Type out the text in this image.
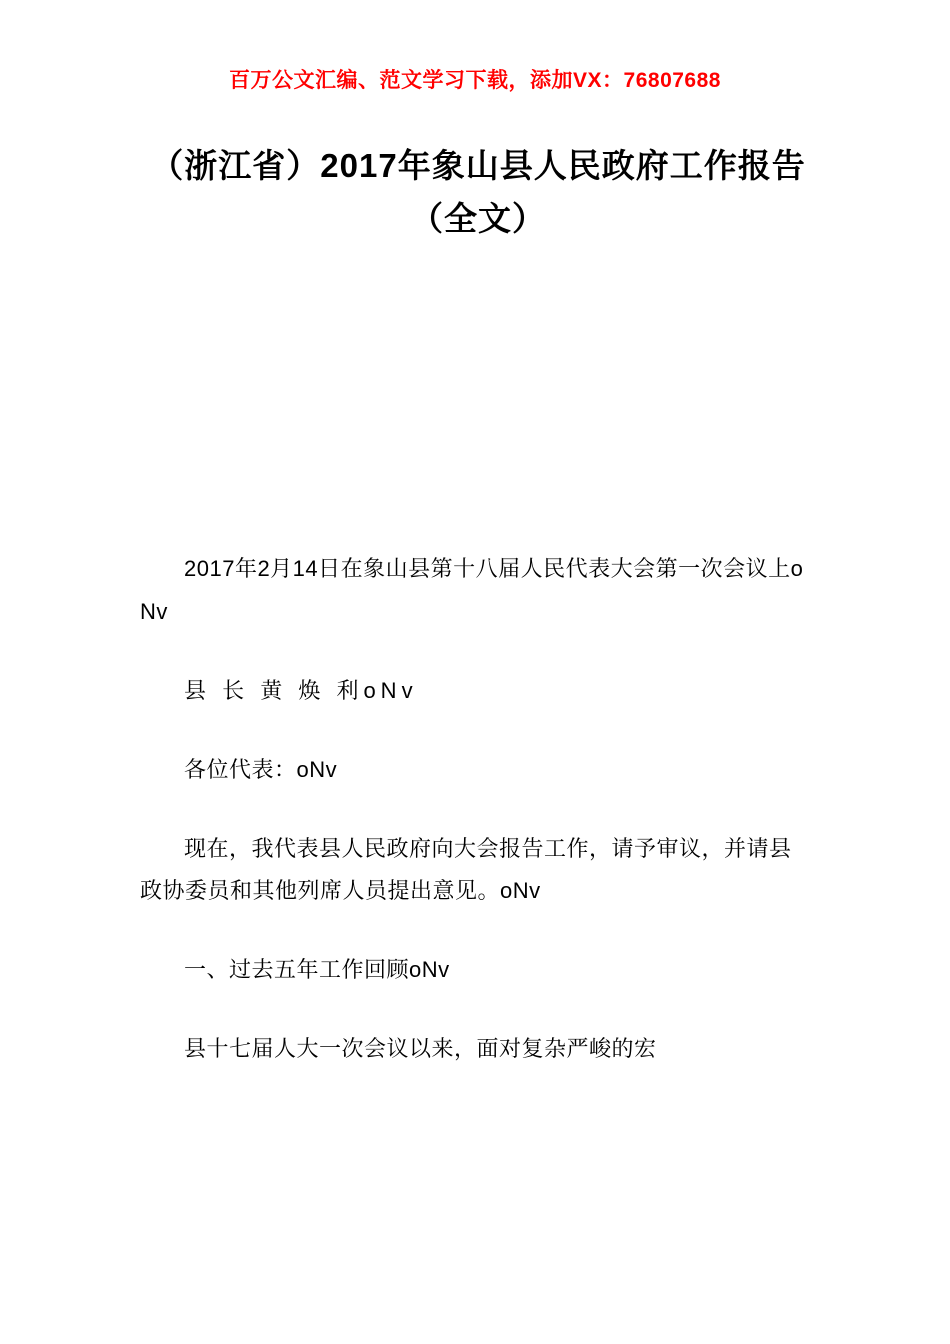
百万公文汇编、范文学习下载，添加VX：76807688
（浙江省）2017年象山县人民政府工作报告（全文）

2017年2月14日在象山县第十八届人民代表大会第一次会议上oNv

县 长 黄 焕 利oNv

各位代表：oNv

现在，我代表县人民政府向大会报告工作，请予审议，并请县政协委员和其他列席人员提出意见。oNv

一、过去五年工作回顾oNv

县十七届人大一次会议以来，面对复杂严峻的宏
